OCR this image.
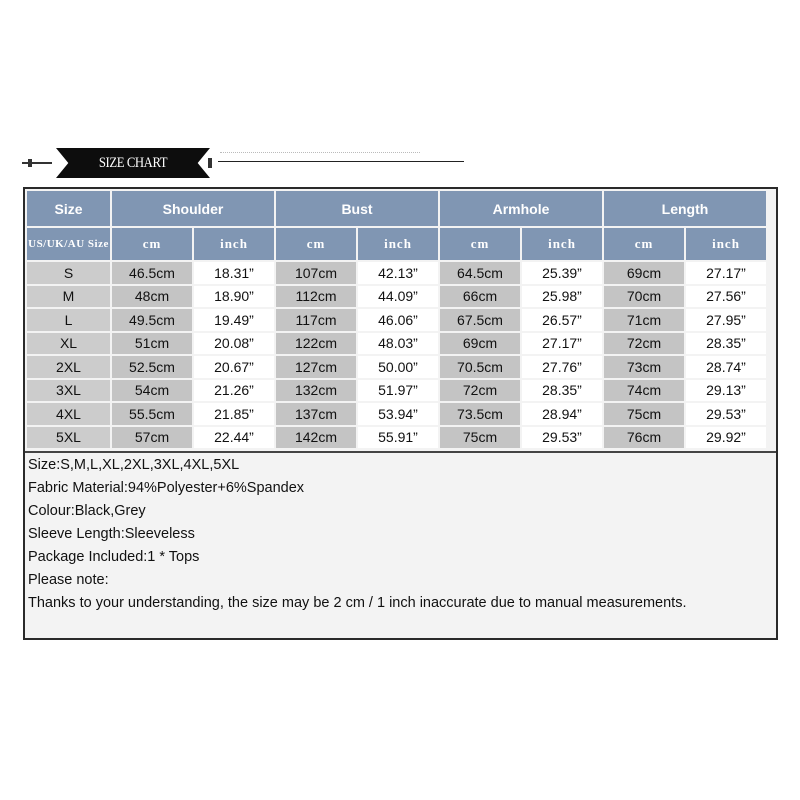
SIZE CHART
Size	Shoulder		Bust		Armhole		Length	
US/UK/AU Size	cm	inch	cm	inch	cm	inch	cm	inch
S	46.5cm	18.31”	107cm	42.13”	64.5cm	25.39”	69cm	27.17”
M	48cm	18.90”	112cm	44.09”	66cm	25.98”	70cm	27.56”
L	49.5cm	19.49”	117cm	46.06”	67.5cm	26.57”	71cm	27.95”
XL	51cm	20.08”	122cm	48.03”	69cm	27.17”	72cm	28.35”
2XL	52.5cm	20.67”	127cm	50.00”	70.5cm	27.76”	73cm	28.74”
3XL	54cm	21.26”	132cm	51.97”	72cm	28.35”	74cm	29.13”
4XL	55.5cm	21.85”	137cm	53.94”	73.5cm	28.94”	75cm	29.53”
5XL	57cm	22.44”	142cm	55.91”	75cm	29.53”	76cm	29.92”
Size:S,M,L,XL,2XL,3XL,4XL,5XL
Fabric Material:94%Polyester+6%Spandex
Colour:Black,Grey
Sleeve Length:Sleeveless
Package Included:1 * Tops
Please note:
Thanks to your understanding, the size may be 2 cm / 1 inch inaccurate due to manual measurements.
